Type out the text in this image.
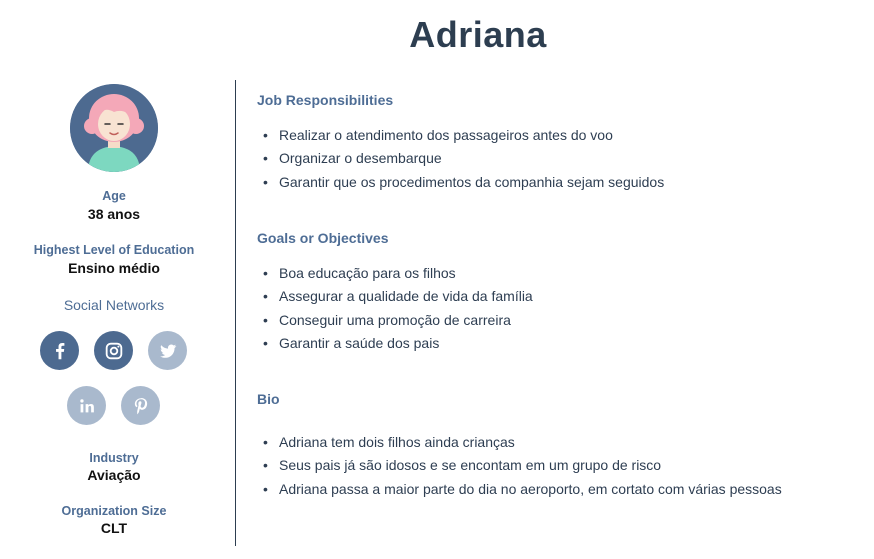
Adriana
Age
38 anos
Highest Level of Education
Ensino médio
Social Networks
Industry
Aviação
Organization Size
CLT
Job Responsibilities
• Realizar o atendimento dos passageiros antes do voo
• Organizar o desembarque
• Garantir que os procedimentos da companhia sejam seguidos
Goals or Objectives
• Boa educação para os filhos
• Assegurar a qualidade de vida da família
• Conseguir uma promoção de carreira
• Garantir a saúde dos pais
Bio
• Adriana tem dois filhos ainda crianças
• Seus pais já são idosos e se encontam em um grupo de risco
• Adriana passa a maior parte do dia no aeroporto, em cortato com várias pessoas
